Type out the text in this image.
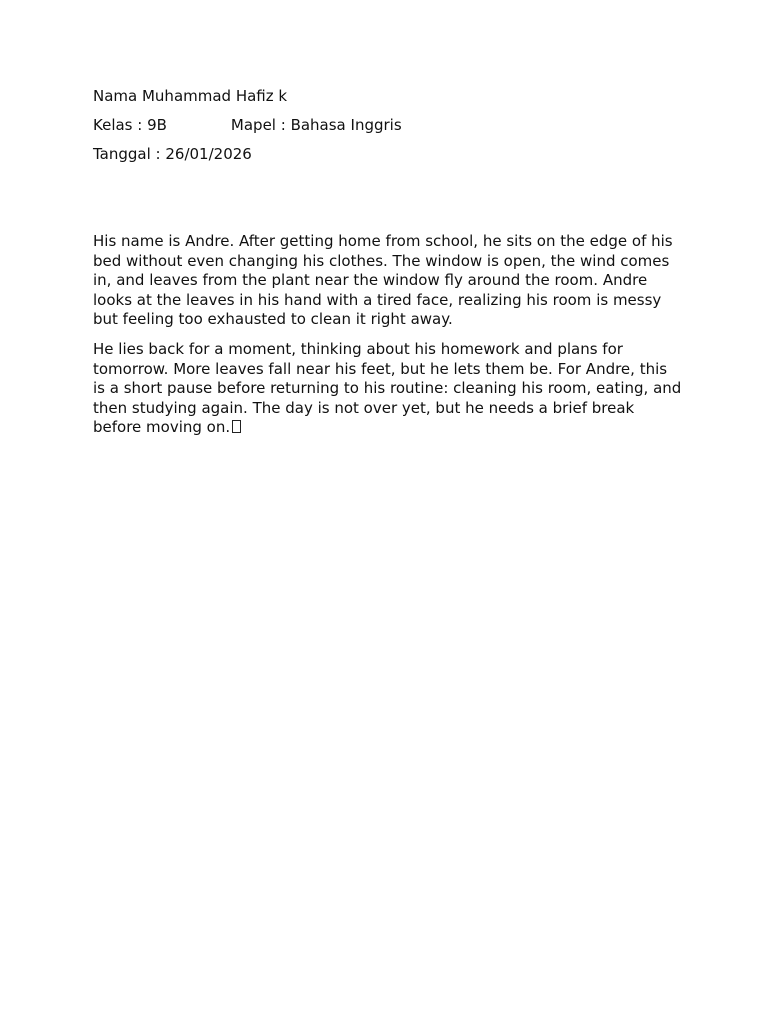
Nama Muhammad Hafiz k
Kelas : 9B	Mapel : Bahasa Inggris
Tanggal : 26/01/2026

His name is Andre. After getting home from school, he sits on the edge of his bed without even changing his clothes. The window is open, the wind comes in, and leaves from the plant near the window fly around the room. Andre looks at the leaves in his hand with a tired face, realizing his room is messy but feeling too exhausted to clean it right away.

He lies back for a moment, thinking about his homework and plans for tomorrow. More leaves fall near his feet, but he lets them be. For Andre, this is a short pause before returning to his routine: cleaning his room, eating, and then studying again. The day is not over yet, but he needs a brief break before moving on.
